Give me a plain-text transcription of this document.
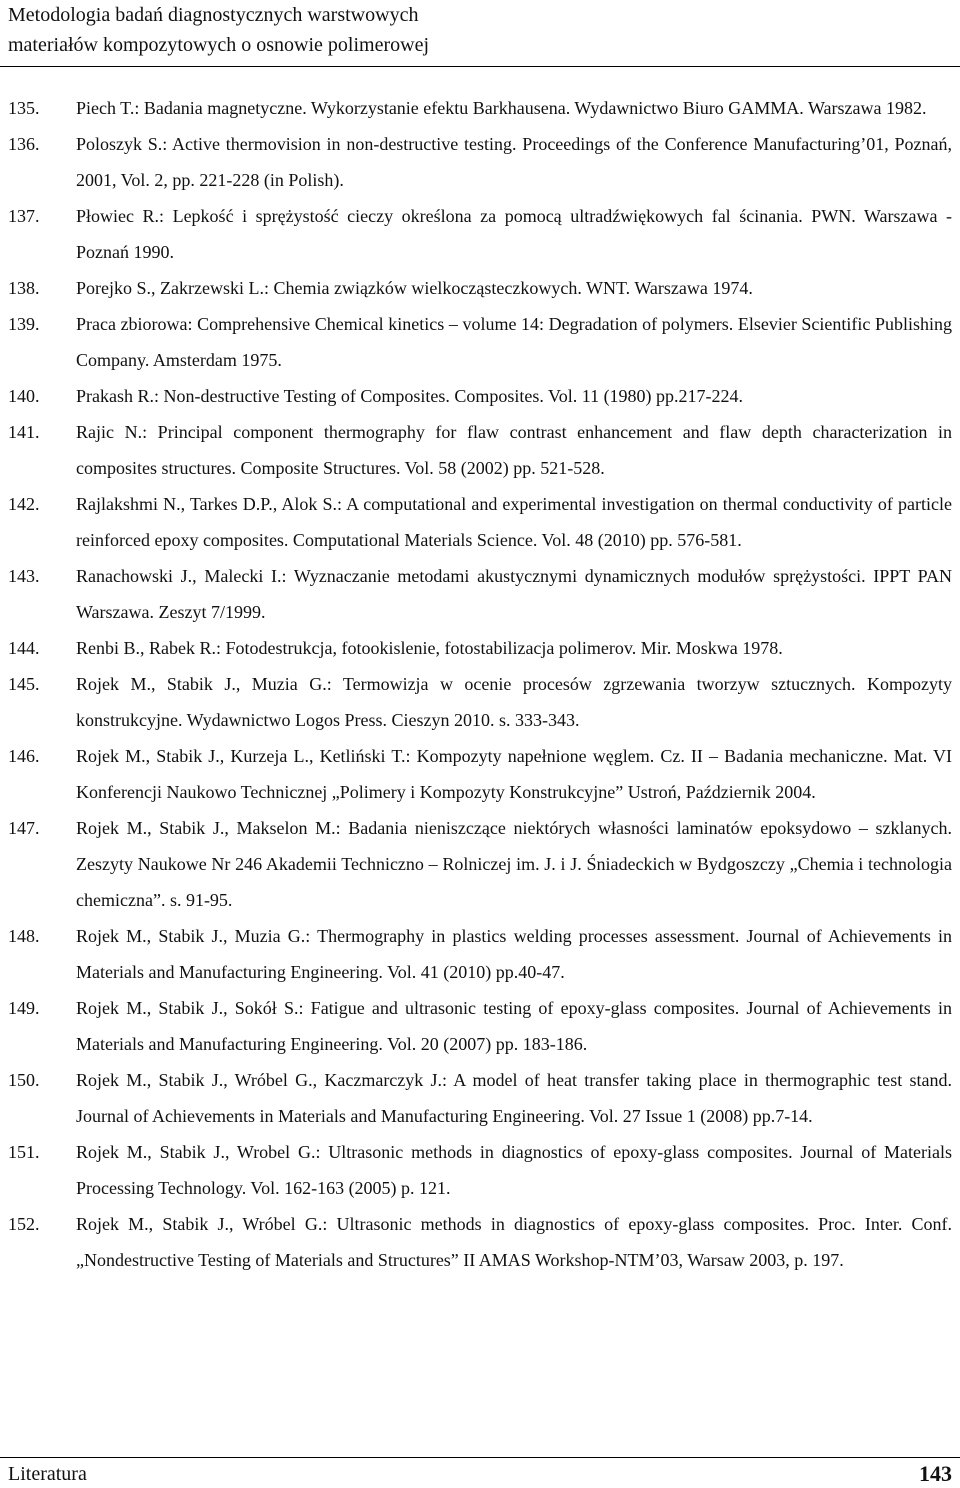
Metodologia badań diagnostycznych warstwowych
materiałów kompozytowych o osnowie polimerowej
135. Piech T.: Badania magnetyczne. Wykorzystanie efektu Barkhausena. Wydawnictwo Biuro GAMMA. Warszawa 1982.
136. Poloszyk S.: Active thermovision in non-destructive testing. Proceedings of the Conference Manufacturing’01, Poznań, 2001, Vol. 2, pp. 221-228 (in Polish).
137. Płowiec R.: Lepkość i sprężystość cieczy określona za pomocą ultradźwiękowych fal ścinania. PWN. Warszawa - Poznań 1990.
138. Porejko S., Zakrzewski L.: Chemia związków wielkocząsteczkowych. WNT. Warszawa 1974.
139. Praca zbiorowa: Comprehensive Chemical kinetics – volume 14: Degradation of polymers. Elsevier Scientific Publishing Company. Amsterdam 1975.
140. Prakash R.: Non-destructive Testing of Composites. Composites. Vol. 11 (1980) pp.217-224.
141. Rajic N.: Principal component thermography for flaw contrast enhancement and flaw depth characterization in composites structures. Composite Structures. Vol. 58 (2002) pp. 521-528.
142. Rajlakshmi N., Tarkes D.P., Alok S.: A computational and experimental investigation on thermal conductivity of particle reinforced epoxy composites. Computational Materials Science. Vol. 48 (2010) pp. 576-581.
143. Ranachowski J., Malecki I.: Wyznaczanie metodami akustycznymi dynamicznych modułów sprężystości. IPPT PAN Warszawa. Zeszyt 7/1999.
144. Renbi B., Rabek R.: Fotodestrukcja, fotookislenie, fotostabilizacja polimerov. Mir. Moskwa 1978.
145. Rojek M., Stabik J., Muzia G.: Termowizja w ocenie procesów zgrzewania tworzyw sztucznych. Kompozyty konstrukcyjne. Wydawnictwo Logos Press. Cieszyn 2010. s. 333-343.
146. Rojek M., Stabik J., Kurzeja L., Ketliński T.: Kompozyty napełnione węglem. Cz. II – Badania mechaniczne. Mat. VI Konferencji Naukowo Technicznej „Polimery i Kompozyty Konstrukcyjne” Ustroń, Październik 2004.
147. Rojek M., Stabik J., Makselon M.: Badania nieniszczące niektórych własności laminatów epoksydowo – szklanych. Zeszyty Naukowe Nr 246 Akademii Techniczno – Rolniczej im. J. i J. Śniadeckich w Bydgoszczy „Chemia i technologia chemiczna”. s. 91-95.
148. Rojek M., Stabik J., Muzia G.: Thermography in plastics welding processes assessment. Journal of Achievements in Materials and Manufacturing Engineering. Vol. 41 (2010) pp.40-47.
149. Rojek M., Stabik J., Sokół S.: Fatigue and ultrasonic testing of epoxy-glass composites. Journal of Achievements in Materials and Manufacturing Engineering. Vol. 20 (2007) pp. 183-186.
150. Rojek M., Stabik J., Wróbel G., Kaczmarczyk J.: A model of heat transfer taking place in thermographic test stand. Journal of Achievements in Materials and Manufacturing Engineering. Vol. 27 Issue 1 (2008) pp.7-14.
151. Rojek M., Stabik J., Wrobel G.: Ultrasonic methods in diagnostics of epoxy-glass composites. Journal of Materials Processing Technology. Vol. 162-163 (2005) p. 121.
152. Rojek M., Stabik J., Wróbel G.: Ultrasonic methods in diagnostics of epoxy-glass composites. Proc. Inter. Conf. „Nondestructive Testing of Materials and Structures” II AMAS Workshop-NTM’03, Warsaw 2003, p. 197.
Literatura	143
